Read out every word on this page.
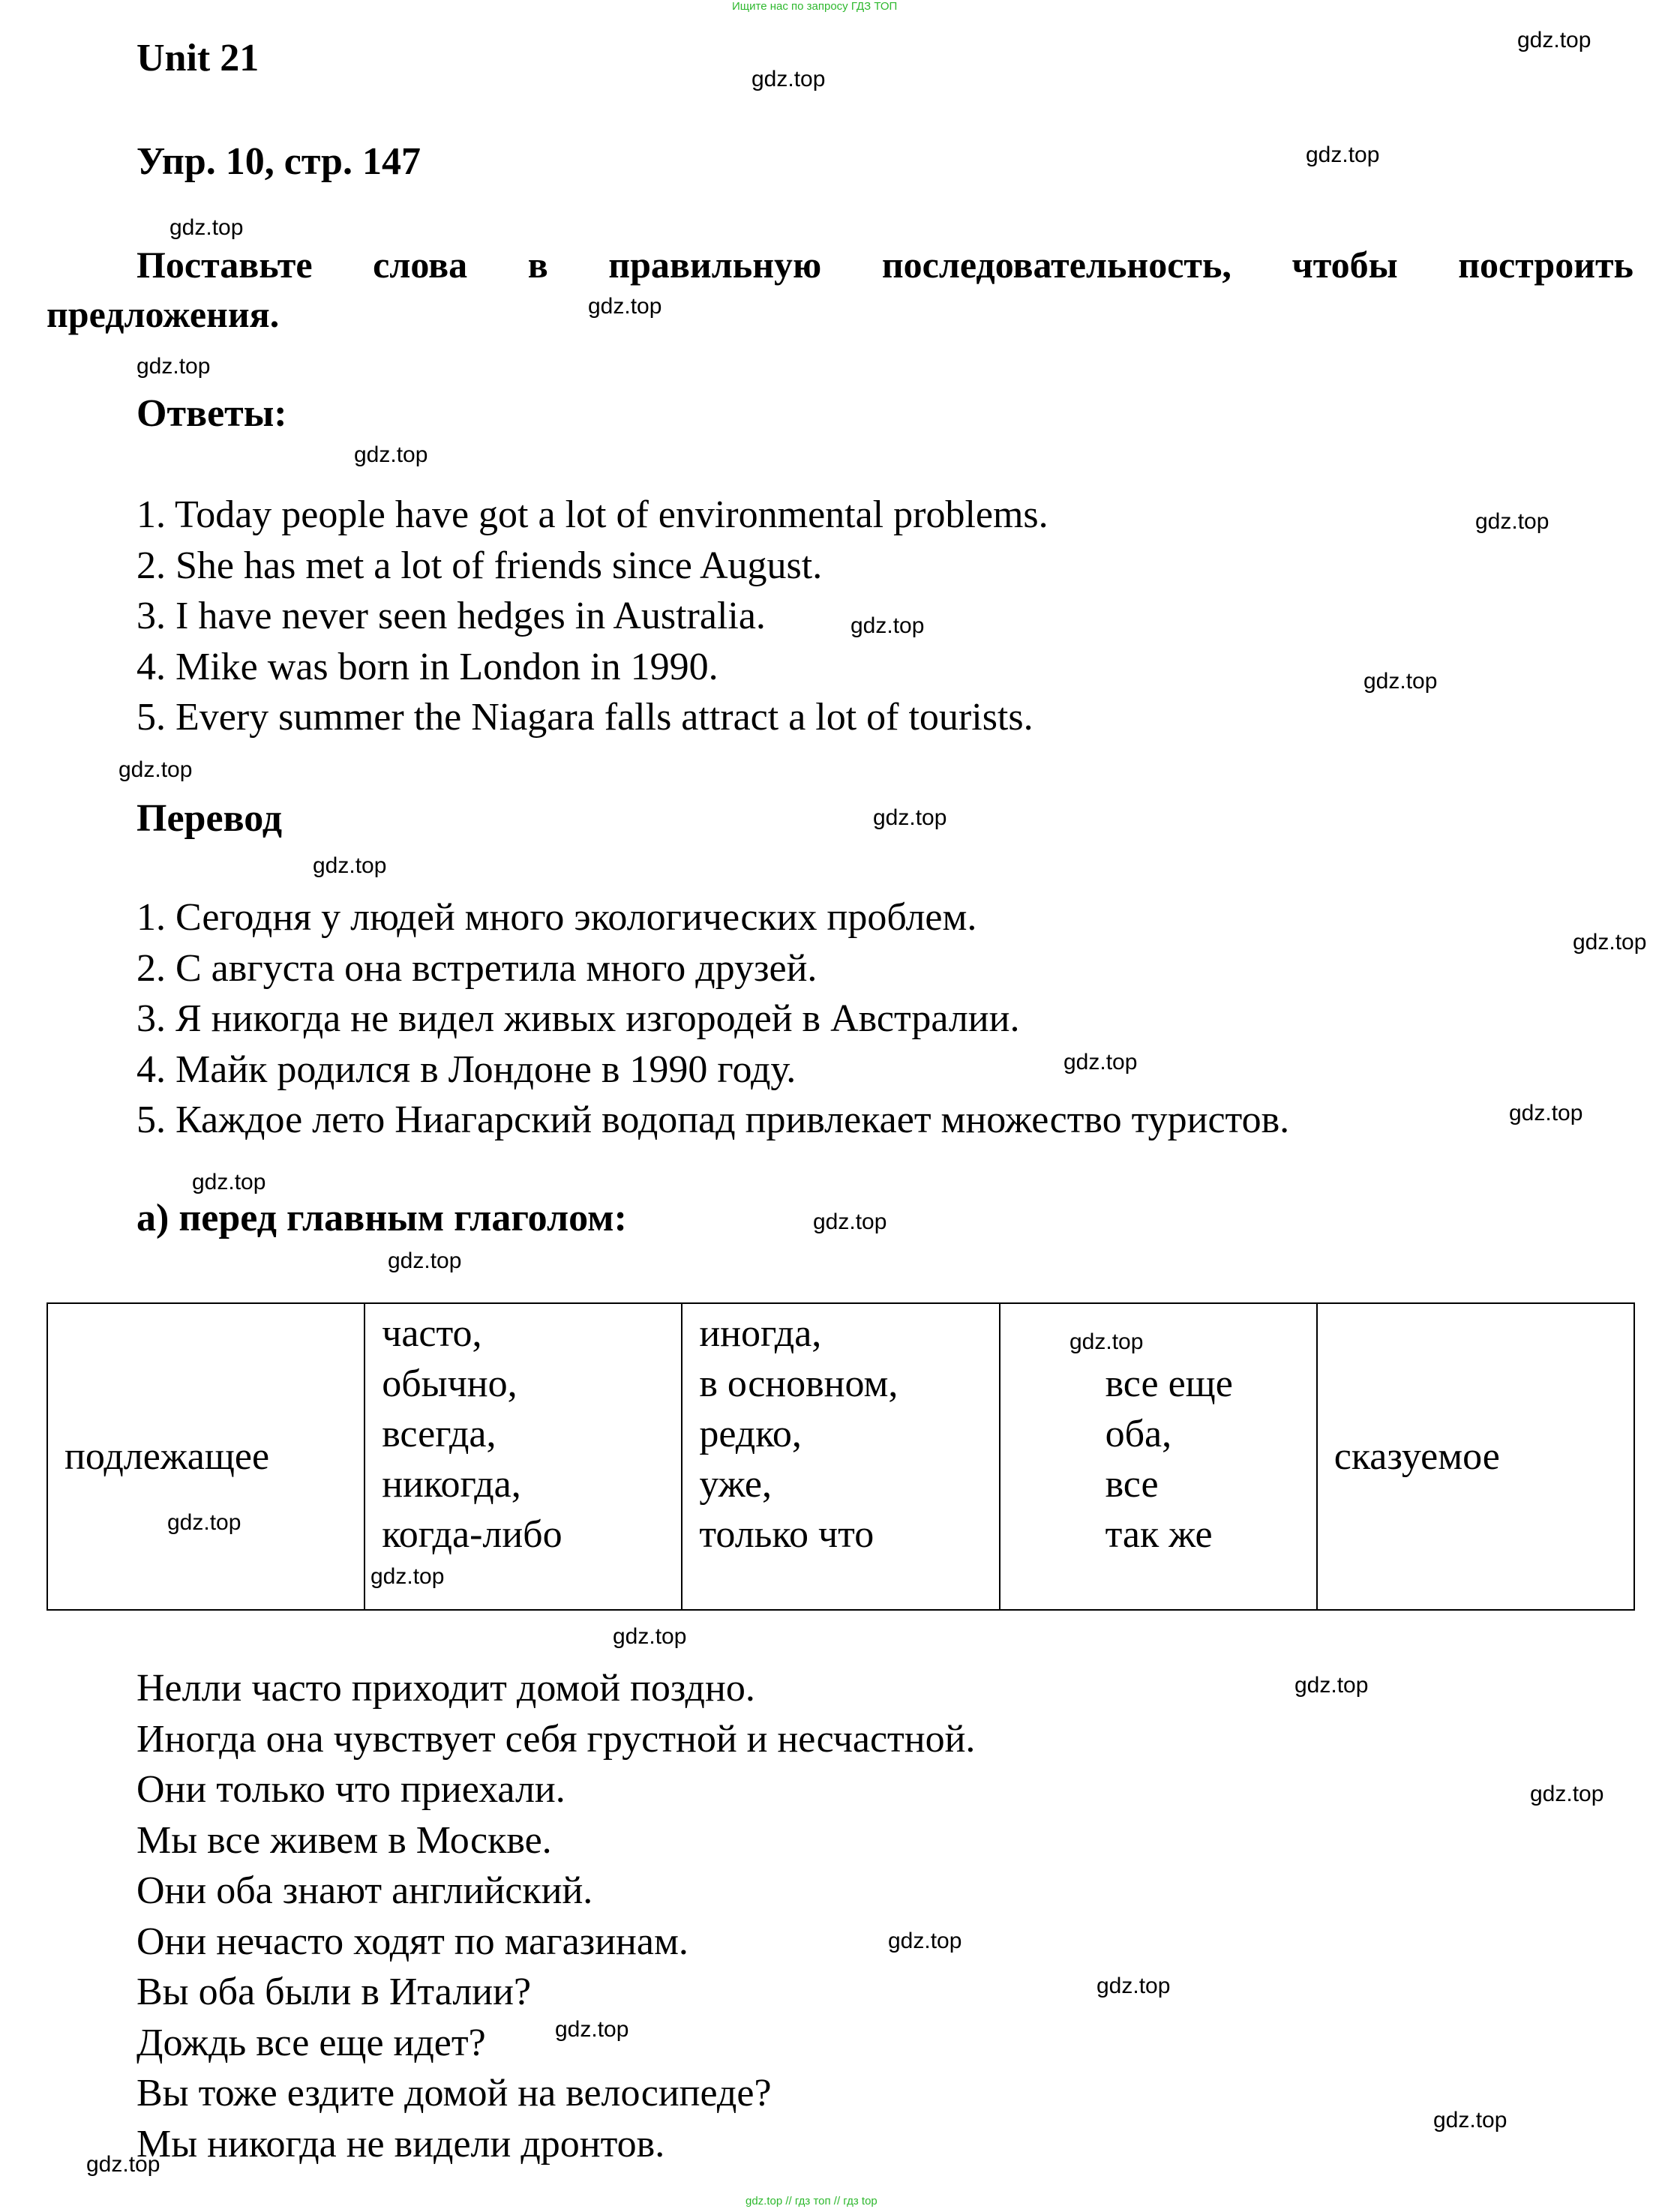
Ищите нас по запросу ГДЗ ТОП
gdz.top // гдз топ // гдз top
Unit 21
Упр. 10, стр. 147
Поставьте слова в правильную последовательность, чтобы построить
предложения.
Ответы:
1. Today people have got a lot of environmental problems.
2. She has met a lot of friends since August.
3. I have never seen hedges in Australia.
4. Mike was born in London in 1990.
5. Every summer the Niagara falls attract a lot of tourists.
Перевод
1. Сегодня у людей много экологических проблем.
2. С августа она встретила много друзей.
3. Я никогда не видел живых изгородей в Австралии.
4. Майк родился в Лондоне в 1990 году.
5. Каждое лето Ниагарский водопад привлекает множество туристов.
а) перед главным глаголом:
подлежащее

часто,
обычно,
всегда,
никогда,
когда-либо

иногда,
в основном,
редко,
уже,
только что

все еще
оба,
все
так же

сказуемое
Нелли часто приходит домой поздно.
Иногда она чувствует себя грустной и несчастной.
Они только что приехали.
Мы все живем в Москве.
Они оба знают английский.
Они нечасто ходят по магазинам.
Вы оба были в Италии?
Дождь все еще идет?
Вы тоже ездите домой на велосипеде?
Мы никогда не видели дронтов.
gdz.top
gdz.top
gdz.top
gdz.top
gdz.top
gdz.top
gdz.top
gdz.top
gdz.top
gdz.top
gdz.top
gdz.top
gdz.top
gdz.top
gdz.top
gdz.top
gdz.top
gdz.top
gdz.top
gdz.top
gdz.top
gdz.top
gdz.top
gdz.top
gdz.top
gdz.top
gdz.top
gdz.top
gdz.top
gdz.top
